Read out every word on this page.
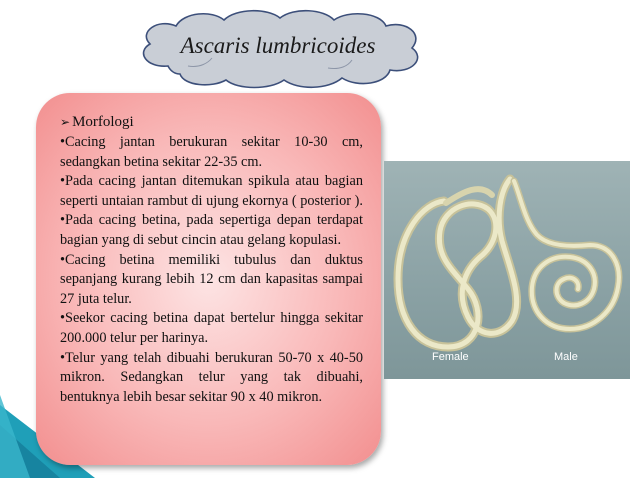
Ascaris lumbricoides
➢ Morfologi

•Cacing jantan berukuran sekitar 10-30 cm, sedangkan betina sekitar 22-35 cm.

•Pada cacing jantan ditemukan spikula atau bagian seperti untaian rambut di ujung ekornya ( posterior ).

•Pada cacing betina, pada sepertiga depan terdapat bagian yang di sebut cincin atau gelang kopulasi.

•Cacing betina memiliki tubulus dan duktus sepanjang kurang lebih 12 cm dan kapasitas sampai 27 juta telur.

•Seekor cacing betina dapat bertelur hingga sekitar 200.000 telur per harinya.

•Telur yang telah dibuahi berukuran 50-70 x 40-50 mikron. Sedangkan telur yang tak dibuahi, bentuknya lebih besar sekitar 90 x 40 mikron.

Female	Male
